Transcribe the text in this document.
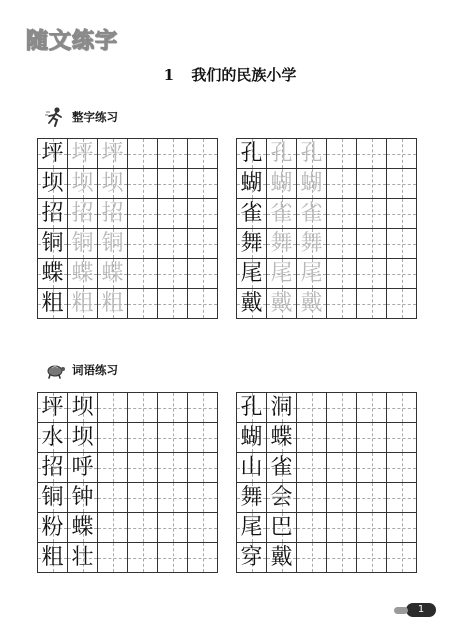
随文练字
1 我们的民族小学
整字练习
坪 坪 坪
坝 坝 坝
招 招 招
铜 铜 铜
蝶 蝶 蝶
粗 粗 粗
孔 孔 孔
蝴 蝴 蝴
雀 雀 雀
舞 舞 舞
尾 尾 尾
戴 戴 戴
词语练习
坪 坝
水 坝
招 呼
铜 钟
粉 蝶
粗 壮
孔 洞
蝴 蝶
山 雀
舞 会
尾 巴
穿 戴
1
